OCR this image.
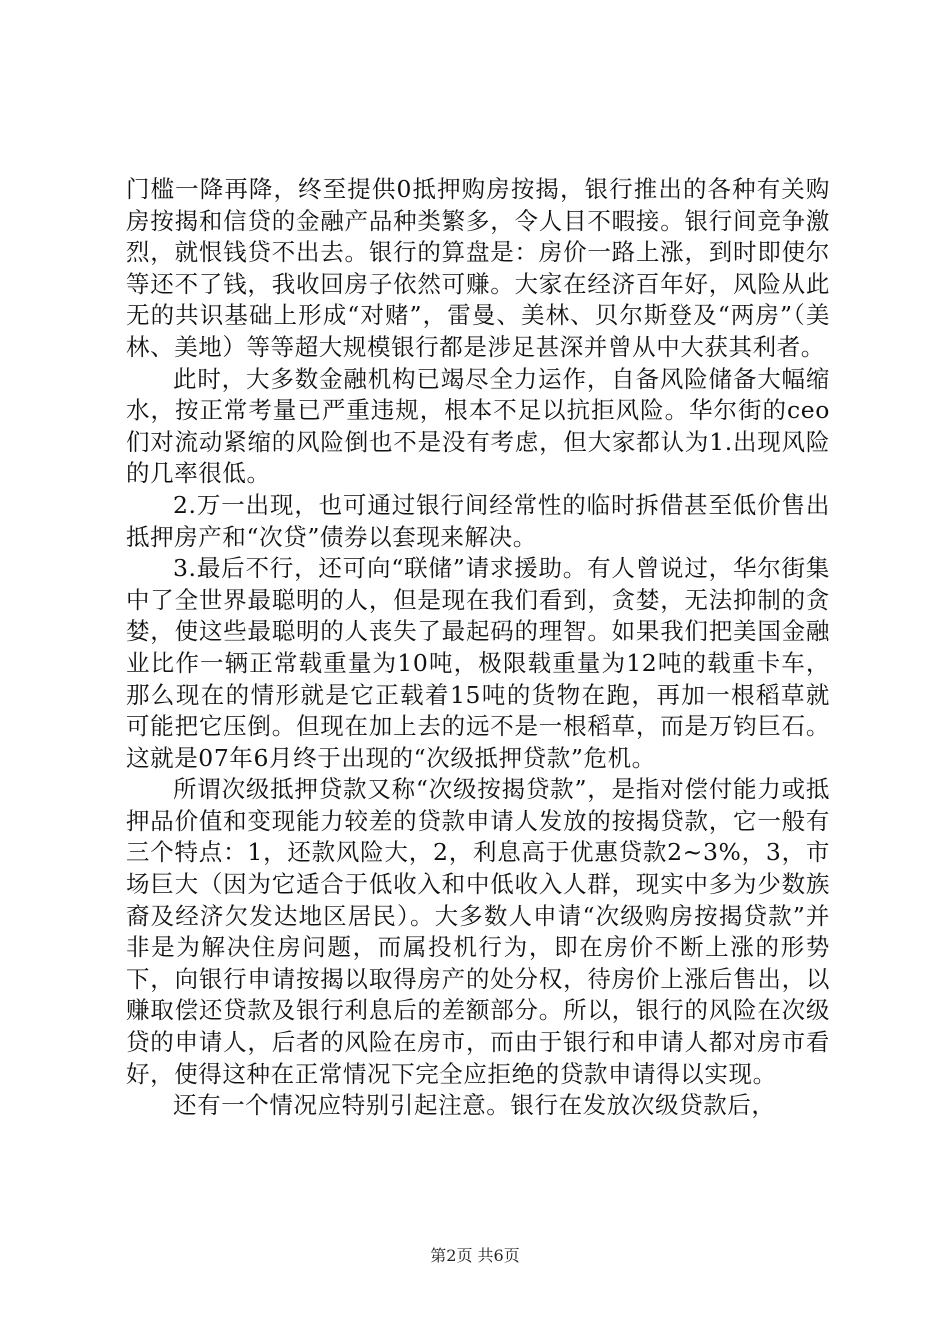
门槛一降再降，终至提供0抵押购房按揭，银行推出的各种有关购房按揭和信贷的金融产品种类繁多，令人目不暇接。银行间竞争激烈，就恨钱贷不出去。银行的算盘是：房价一路上涨，到时即使尔等还不了钱，我收回房子依然可赚。大家在经济百年好，风险从此无的共识基础上形成“对赌”，雷曼、美林、贝尔斯登及“两房”（美林、美地）等等超大规模银行都是涉足甚深并曾从中大获其利者。

此时，大多数金融机构已竭尽全力运作，自备风险储备大幅缩水，按正常考量已严重违规，根本不足以抗拒风险。华尔街的ceo们对流动紧缩的风险倒也不是没有考虑，但大家都认为1.出现风险的几率很低。

2.万一出现，也可通过银行间经常性的临时拆借甚至低价售出抵押房产和“次贷”债券以套现来解决。

3.最后不行，还可向“联储”请求援助。有人曾说过，华尔街集中了全世界最聪明的人，但是现在我们看到，贪婪，无法抑制的贪婪，使这些最聪明的人丧失了最起码的理智。如果我们把美国金融业比作一辆正常载重量为10吨，极限载重量为12吨的载重卡车，那么现在的情形就是它正载着15吨的货物在跑，再加一根稻草就可能把它压倒。但现在加上去的远不是一根稻草，而是万钧巨石。这就是07年6月终于出现的“次级抵押贷款”危机。

所谓次级抵押贷款又称“次级按揭贷款”，是指对偿付能力或抵押品价值和变现能力较差的贷款申请人发放的按揭贷款，它一般有三个特点：1，还款风险大，2，利息高于优惠贷款2~3%，3，市场巨大（因为它适合于低收入和中低收入人群，现实中多为少数族裔及经济欠发达地区居民）。大多数人申请“次级购房按揭贷款”并非是为解决住房问题，而属投机行为，即在房价不断上涨的形势下，向银行申请按揭以取得房产的处分权，待房价上涨后售出，以赚取偿还贷款及银行利息后的差额部分。所以，银行的风险在次级贷的申请人，后者的风险在房市，而由于银行和申请人都对房市看好，使得这种在正常情况下完全应拒绝的贷款申请得以实现。

还有一个情况应特别引起注意。银行在发放次级贷款后，

第2页 共6页
